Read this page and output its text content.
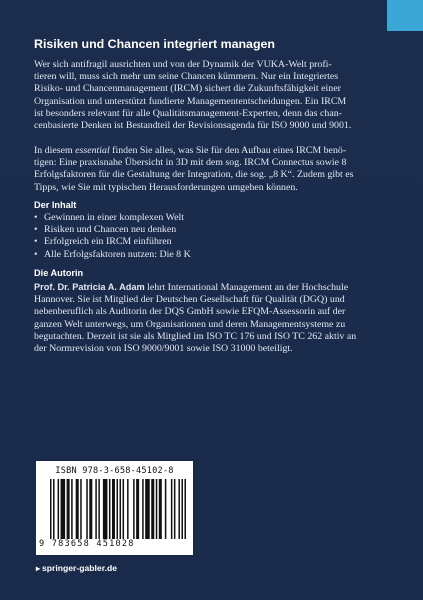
Risiken und Chancen integriert managen
Wer sich antifragil ausrichten und von der Dynamik der VUKA-Welt profi-
tieren will, muss sich mehr um seine Chancen kümmern. Nur ein Integriertes
Risiko- und Chancenmanagement (IRCM) sichert die Zukunftsfähigkeit einer
Organisation und unterstützt fundierte Managemententscheidungen. Ein IRCM
ist besonders relevant für alle Qualitätsmanagement-Experten, denn das chan-
cenbasierte Denken ist Bestandteil der Revisionsagenda für ISO 9000 und 9001.
In diesem essential finden Sie alles, was Sie für den Aufbau eines IRCM benö-
tigen: Eine praxisnahe Übersicht in 3D mit dem sog. IRCM Connectus sowie 8
Erfolgsfaktoren für die Gestaltung der Integration, die sog. „8 K“. Zudem gibt es
Tipps, wie Sie mit typischen Herausforderungen umgehen können.
Der Inhalt
• Gewinnen in einer komplexen Welt
• Risiken und Chancen neu denken
• Erfolgreich ein IRCM einführen
• Alle Erfolgsfaktoren nutzen: Die 8 K
Die Autorin
Prof. Dr. Patricia A. Adam lehrt International Management an der Hochschule
Hannover. Sie ist Mitglied der Deutschen Gesellschaft für Qualität (DGQ) und
nebenberuflich als Auditorin der DQS GmbH sowie EFQM-Assessorin auf der
ganzen Welt unterwegs, um Organisationen und deren Managementsysteme zu
begutachten. Derzeit ist sie als Mitglied im ISO TC 176 und ISO TC 262 aktiv an
der Normrevision von ISO 9000/9001 sowie ISO 31000 beteiligt.
ISBN 978-3-658-45102-8
9 783658 451028
▸ springer-gabler.de
